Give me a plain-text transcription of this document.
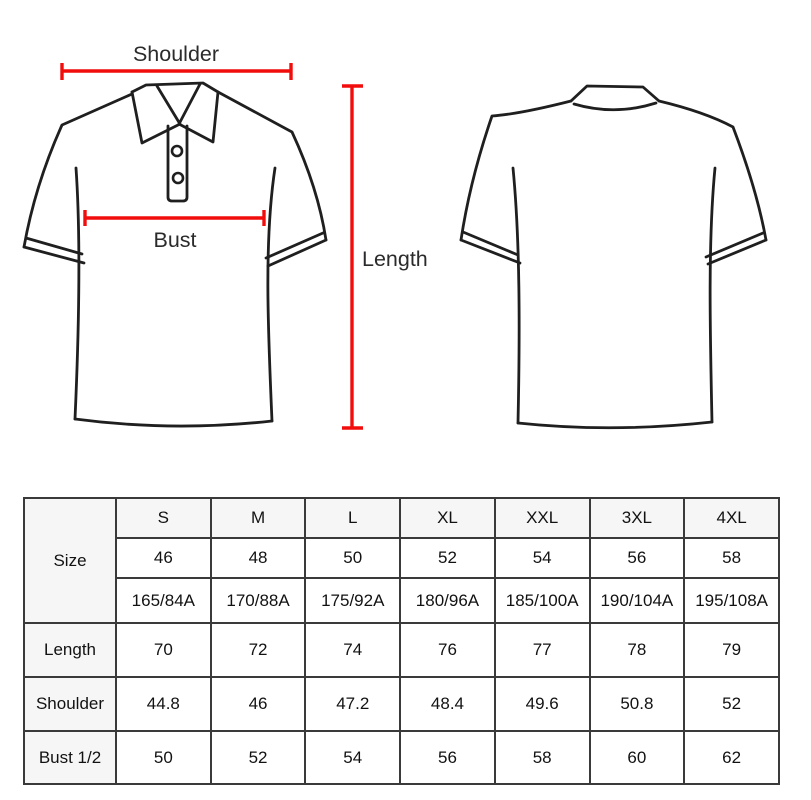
Shoulder
Bust
Length
Size	S	M	L	XL	XXL	3XL	4XL
	46	48	50	52	54	56	58
	165/84A	170/88A	175/92A	180/96A	185/100A	190/104A	195/108A
Length	70	72	74	76	77	78	79
Shoulder	44.8	46	47.2	48.4	49.6	50.8	52
Bust 1/2	50	52	54	56	58	60	62
